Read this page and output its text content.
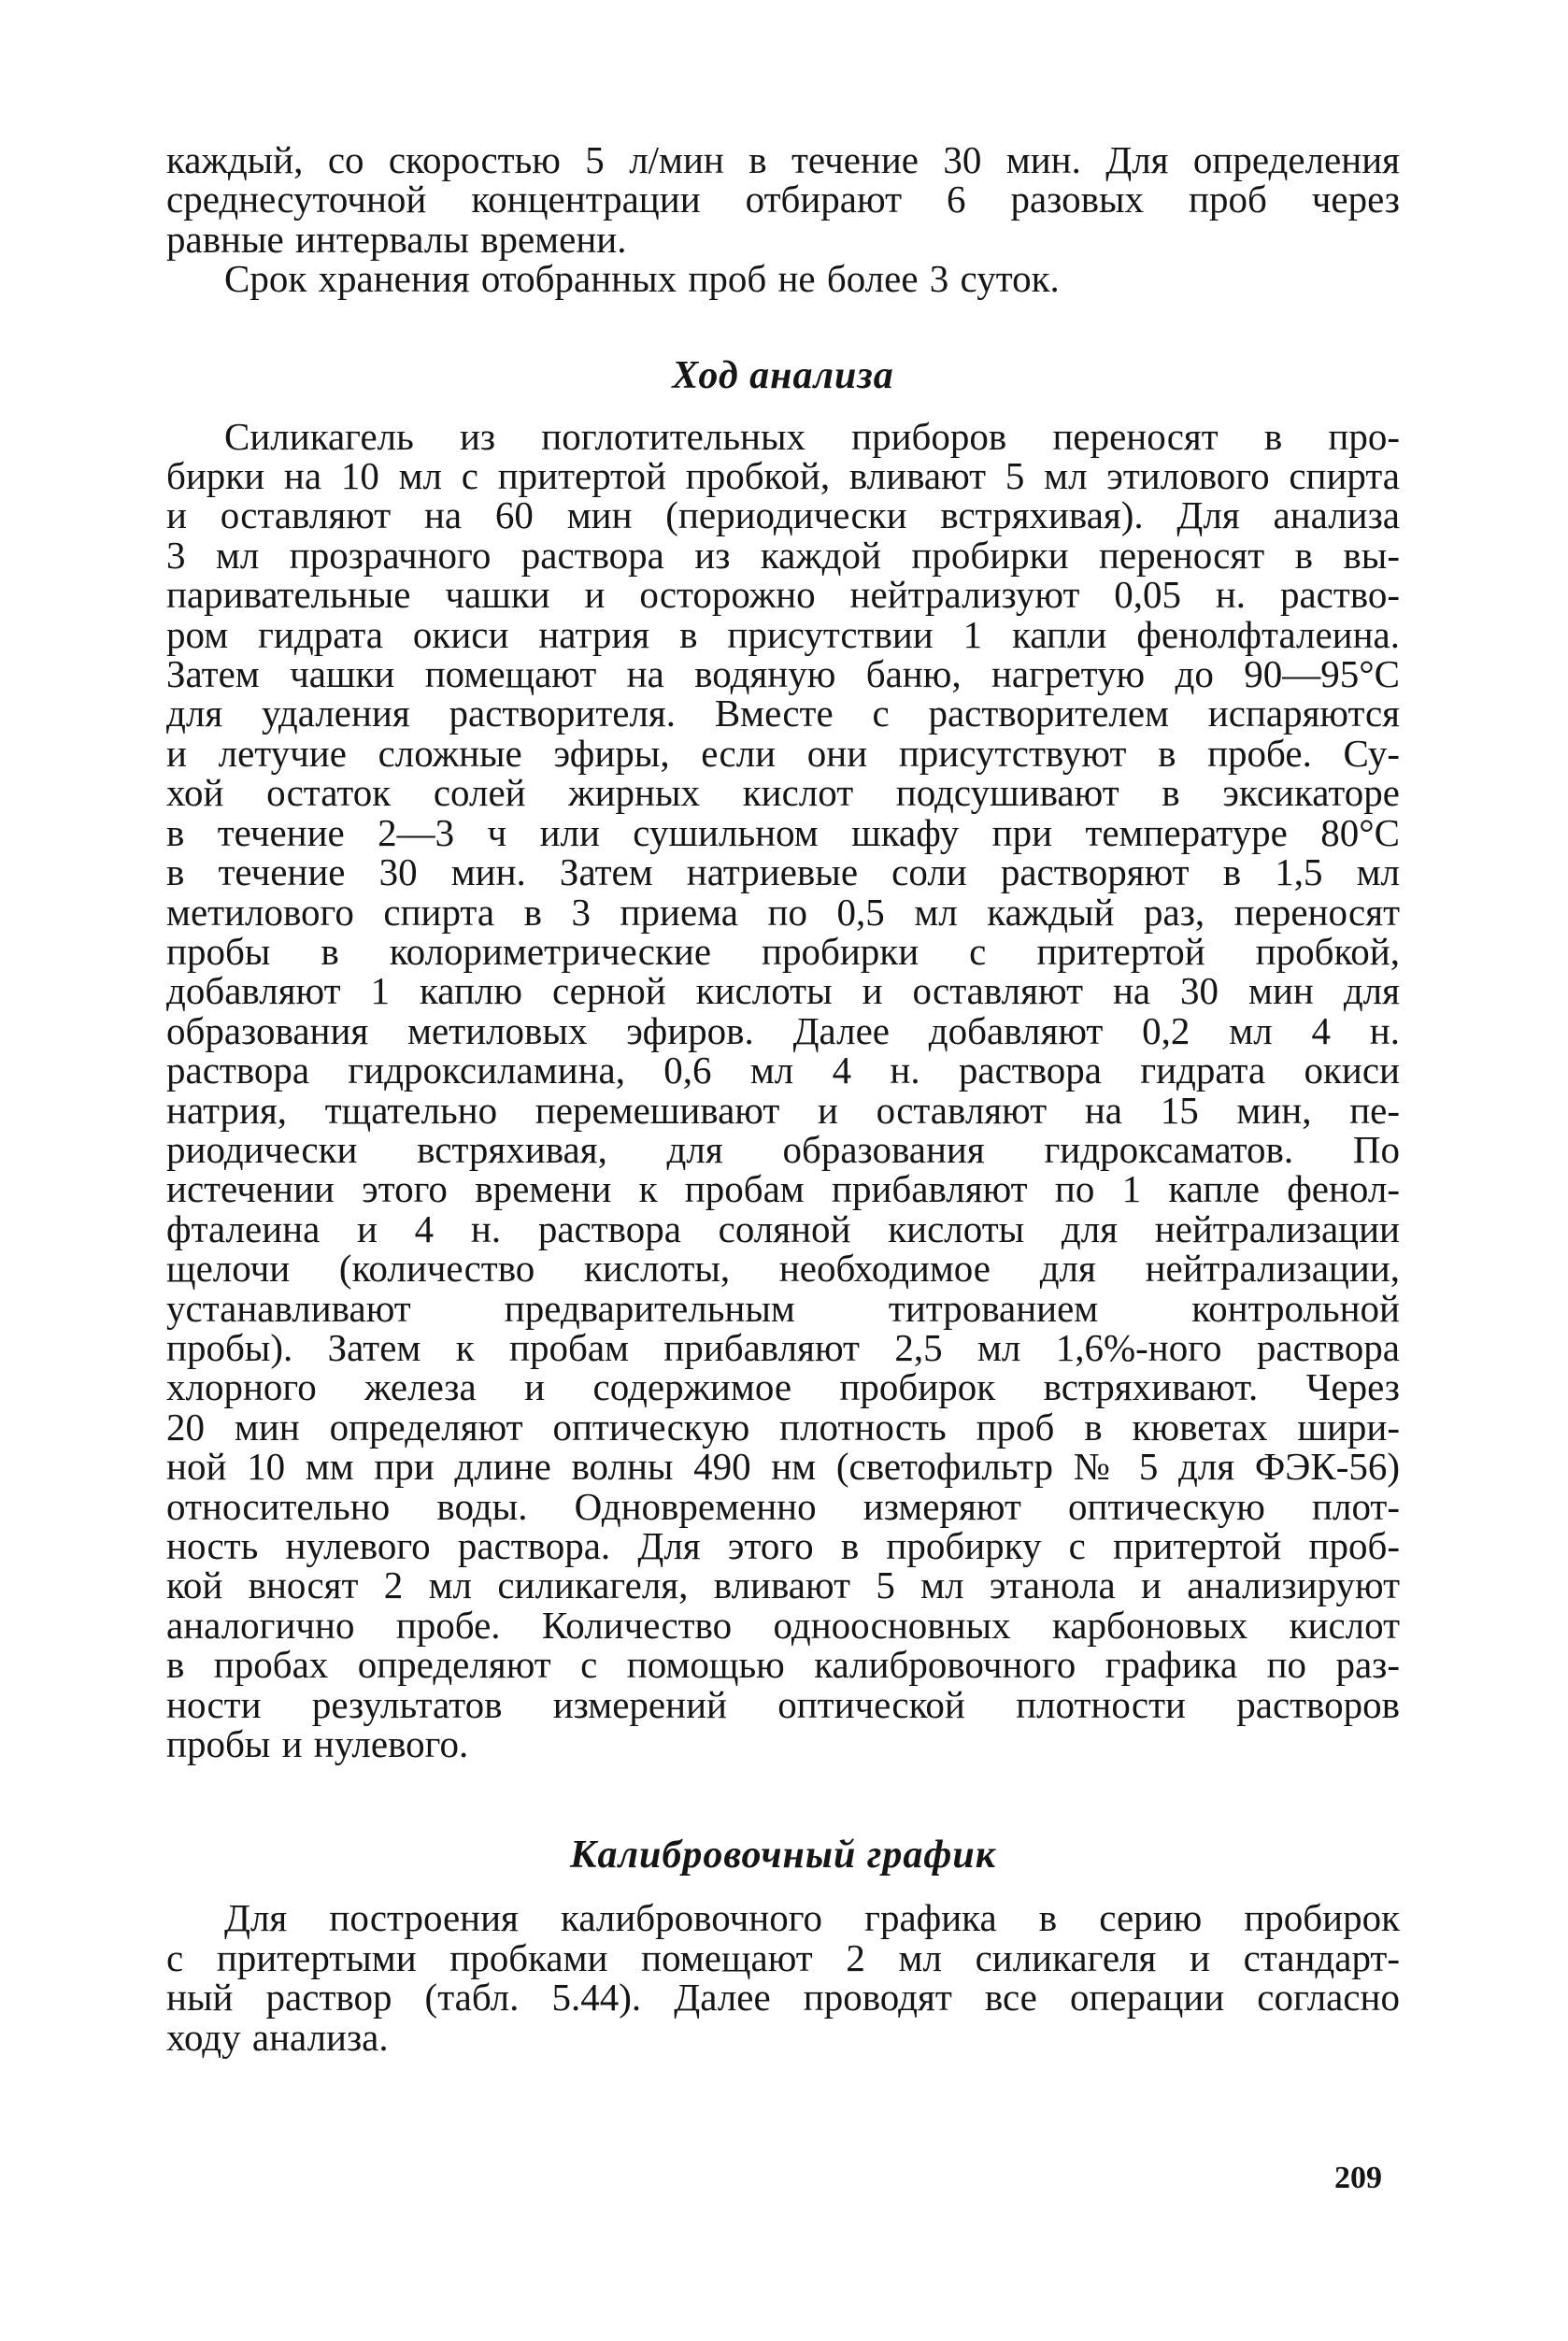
каждый, со скоростью 5 л/мин в течение 30 мин. Для определения
среднесуточной концентрации отбирают 6 разовых проб через
равные интервалы времени.
Срок хранения отобранных проб не более 3 суток.
Ход анализа
Силикагель из поглотительных приборов переносят в про-
бирки на 10 мл с притертой пробкой, вливают 5 мл этилового спирта
и оставляют на 60 мин (периодически встряхивая). Для анализа
3 мл прозрачного раствора из каждой пробирки переносят в вы-
паривательные чашки и осторожно нейтрализуют 0,05 н. раство-
ром гидрата окиси натрия в присутствии 1 капли фенолфталеина.
Затем чашки помещают на водяную баню, нагретую до 90—95°С
для удаления растворителя. Вместе с растворителем испаряются
и летучие сложные эфиры, если они присутствуют в пробе. Су-
хой остаток солей жирных кислот подсушивают в эксикаторе
в течение 2—3 ч или сушильном шкафу при температуре 80°С
в течение 30 мин. Затем натриевые соли растворяют в 1,5 мл
метилового спирта в 3 приема по 0,5 мл каждый раз, переносят
пробы в колориметрические пробирки с притертой пробкой,
добавляют 1 каплю серной кислоты и оставляют на 30 мин для
образования метиловых эфиров. Далее добавляют 0,2 мл 4 н.
раствора гидроксиламина, 0,6 мл 4 н. раствора гидрата окиси
натрия, тщательно перемешивают и оставляют на 15 мин, пе-
риодически встряхивая, для образования гидроксаматов. По
истечении этого времени к пробам прибавляют по 1 капле фенол-
фталеина и 4 н. раствора соляной кислоты для нейтрализации
щелочи (количество кислоты, необходимое для нейтрализации,
устанавливают предварительным титрованием контрольной
пробы). Затем к пробам прибавляют 2,5 мл 1,6%-ного раствора
хлорного железа и содержимое пробирок встряхивают. Через
20 мин определяют оптическую плотность проб в кюветах шири-
ной 10 мм при длине волны 490 нм (светофильтр № 5 для ФЭК-56)
относительно воды. Одновременно измеряют оптическую плот-
ность нулевого раствора. Для этого в пробирку с притертой проб-
кой вносят 2 мл силикагеля, вливают 5 мл этанола и анализируют
аналогично пробе. Количество одноосновных карбоновых кислот
в пробах определяют с помощью калибровочного графика по раз-
ности результатов измерений оптической плотности растворов
пробы и нулевого.
Калибровочный график
Для построения калибровочного графика в серию пробирок
с притертыми пробками помещают 2 мл силикагеля и стандарт-
ный раствор (табл. 5.44). Далее проводят все операции согласно
ходу анализа.
209
